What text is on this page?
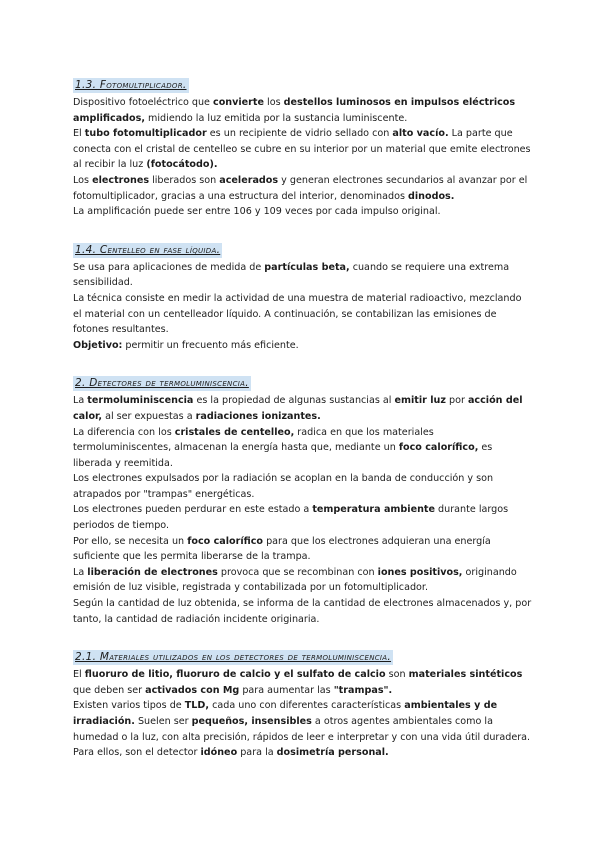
1.3. Fotomultiplicador.

Dispositivo fotoeléctrico que convierte los destellos luminosos en impulsos eléctricos amplificados, midiendo la luz emitida por la sustancia luminiscente.

El tubo fotomultiplicador es un recipiente de vidrio sellado con alto vacío. La parte que conecta con el cristal de centelleo se cubre en su interior por un material que emite electrones al recibir la luz (fotocátodo).

Los electrones liberados son acelerados y generan electrones secundarios al avanzar por el fotomultiplicador, gracias a una estructura del interior, denominados dinodos.

La amplificación puede ser entre 106 y 109 veces por cada impulso original.

1.4. Centelleo en fase líquida.

Se usa para aplicaciones de medida de partículas beta, cuando se requiere una extrema sensibilidad.

La técnica consiste en medir la actividad de una muestra de material radioactivo, mezclando el material con un centelleador líquido. A continuación, se contabilizan las emisiones de fotones resultantes.

Objetivo: permitir un frecuento más eficiente.

2. Detectores de termoluminiscencia.

La termoluminiscencia es la propiedad de algunas sustancias al emitir luz por acción del calor, al ser expuestas a radiaciones ionizantes.

La diferencia con los cristales de centelleo, radica en que los materiales termoluminiscentes, almacenan la energía hasta que, mediante un foco calorífico, es liberada y reemitida.

Los electrones expulsados por la radiación se acoplan en la banda de conducción y son atrapados por "trampas" energéticas.

Los electrones pueden perdurar en este estado a temperatura ambiente durante largos periodos de tiempo.

Por ello, se necesita un foco calorífico para que los electrones adquieran una energía suficiente que les permita liberarse de la trampa.

La liberación de electrones provoca que se recombinan con iones positivos, originando emisión de luz visible, registrada y contabilizada por un fotomultiplicador.

Según la cantidad de luz obtenida, se informa de la cantidad de electrones almacenados y, por tanto, la cantidad de radiación incidente originaria.

2.1. Materiales utilizados en los detectores de termoluminiscencia.

El fluoruro de litio, fluoruro de calcio y el sulfato de calcio son materiales sintéticos que deben ser activados con Mg para aumentar las "trampas".

Existen varios tipos de TLD, cada uno con diferentes características ambientales y de irradiación. Suelen ser pequeños, insensibles a otros agentes ambientales como la humedad o la luz, con alta precisión, rápidos de leer e interpretar y con una vida útil duradera. Para ellos, son el detector idóneo para la dosimetría personal.
